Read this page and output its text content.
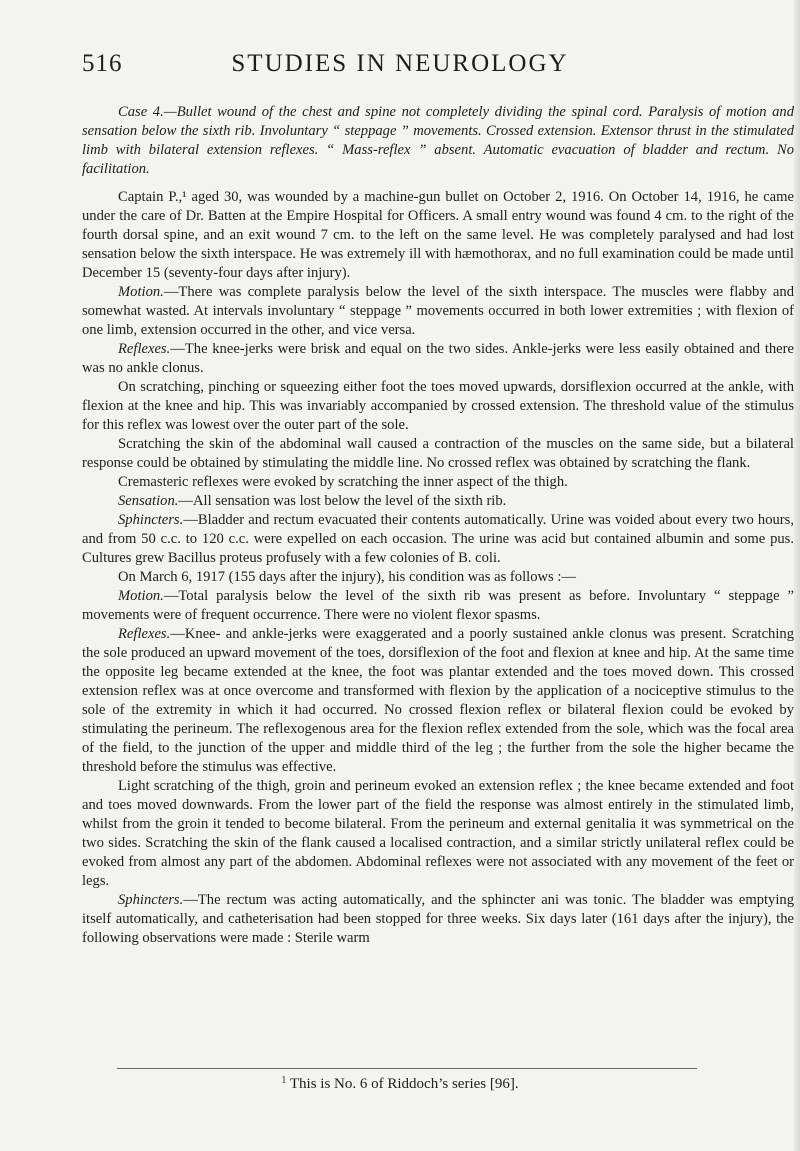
516	STUDIES IN NEUROLOGY

Case 4.—Bullet wound of the chest and spine not completely dividing the spinal cord. Paralysis of motion and sensation below the sixth rib. Involuntary “ steppage ” movements. Crossed extension. Extensor thrust in the stimulated limb with bilateral extension reflexes. “ Mass-reflex ” absent. Automatic evacuation of bladder and rectum. No facilitation.

Captain P.,¹ aged 30, was wounded by a machine-gun bullet on October 2, 1916. On October 14, 1916, he came under the care of Dr. Batten at the Empire Hospital for Officers. A small entry wound was found 4 cm. to the right of the fourth dorsal spine, and an exit wound 7 cm. to the left on the same level. He was completely paralysed and had lost sensation below the sixth interspace. He was extremely ill with hæmothorax, and no full examination could be made until December 15 (seventy-four days after injury).

Motion.—There was complete paralysis below the level of the sixth interspace. The muscles were flabby and somewhat wasted. At intervals involuntary “ steppage ” movements occurred in both lower extremities ; with flexion of one limb, extension occurred in the other, and vice versa.

Reflexes.—The knee-jerks were brisk and equal on the two sides. Ankle-jerks were less easily obtained and there was no ankle clonus.

On scratching, pinching or squeezing either foot the toes moved upwards, dorsiflexion occurred at the ankle, with flexion at the knee and hip. This was invariably accompanied by crossed extension. The threshold value of the stimulus for this reflex was lowest over the outer part of the sole.

Scratching the skin of the abdominal wall caused a contraction of the muscles on the same side, but a bilateral response could be obtained by stimulating the middle line. No crossed reflex was obtained by scratching the flank.

Cremasteric reflexes were evoked by scratching the inner aspect of the thigh.

Sensation.—All sensation was lost below the level of the sixth rib.

Sphincters.—Bladder and rectum evacuated their contents automatically. Urine was voided about every two hours, and from 50 c.c. to 120 c.c. were expelled on each occasion. The urine was acid but contained albumin and some pus. Cultures grew Bacillus proteus profusely with a few colonies of B. coli.

On March 6, 1917 (155 days after the injury), his condition was as follows :—

Motion.—Total paralysis below the level of the sixth rib was present as before. Involuntary “ steppage ” movements were of frequent occurrence. There were no violent flexor spasms.

Reflexes.—Knee- and ankle-jerks were exaggerated and a poorly sustained ankle clonus was present. Scratching the sole produced an upward movement of the toes, dorsiflexion of the foot and flexion at knee and hip. At the same time the opposite leg became extended at the knee, the foot was plantar extended and the toes moved down. This crossed extension reflex was at once overcome and transformed with flexion by the application of a nociceptive stimulus to the sole of the extremity in which it had occurred. No crossed flexion reflex or bilateral flexion could be evoked by stimulating the perineum. The reflexogenous area for the flexion reflex extended from the sole, which was the focal area of the field, to the junction of the upper and middle third of the leg ; the further from the sole the higher became the threshold before the stimulus was effective.

Light scratching of the thigh, groin and perineum evoked an extension reflex ; the knee became extended and foot and toes moved downwards. From the lower part of the field the response was almost entirely in the stimulated limb, whilst from the groin it tended to become bilateral. From the perineum and external genitalia it was symmetrical on the two sides. Scratching the skin of the flank caused a localised contraction, and a similar strictly unilateral reflex could be evoked from almost any part of the abdomen. Abdominal reflexes were not associated with any movement of the feet or legs.

Sphincters.—The rectum was acting automatically, and the sphincter ani was tonic. The bladder was emptying itself automatically, and catheterisation had been stopped for three weeks. Six days later (161 days after the injury), the following observations were made : Sterile warm

$^1$ This is No. 6 of Riddoch’s series [96].
